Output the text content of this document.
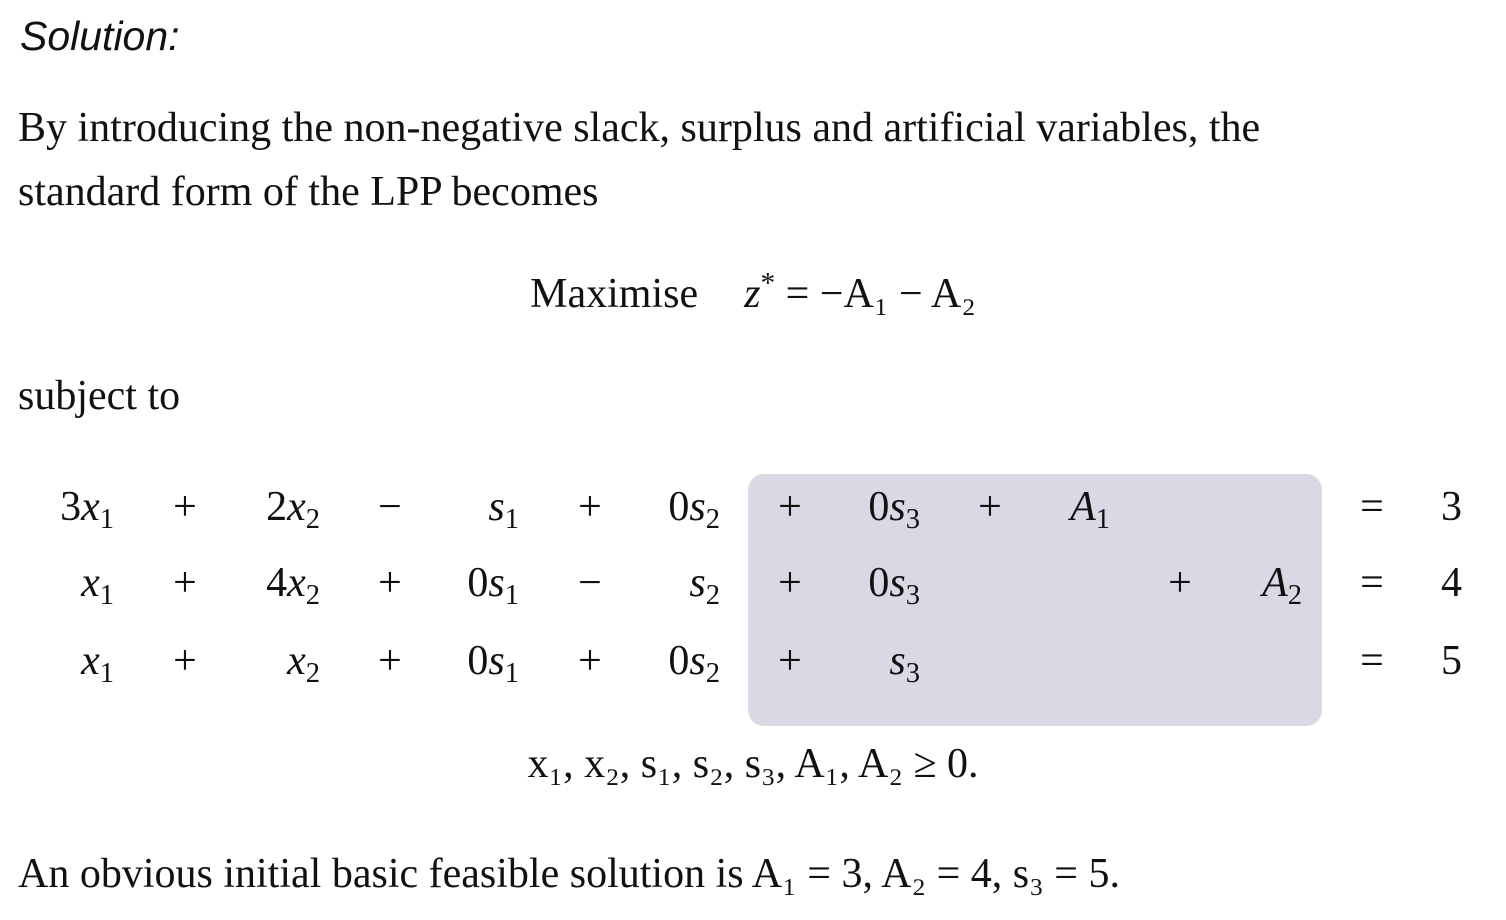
Solution:
By introducing the non-negative slack, surplus and artificial variables, the
standard form of the LPP becomes
Maximise z* = −A₁ − A₂
subject to
$3x_1$	+	$2x_2$	−	$s_1$	+	$0s_2$	+	$0s_3$	+	$A_1$	=	3
$x_1$	+	$4x_2$	+	$0s_1$	−	$s_2$	+	$0s_3$	+	$A_2$	=	4
$x_1$	+	$x_2$	+	$0s_1$	+	$0s_2$	+	$s_3$	=	5
x₁, x₂, s₁, s₂, s₃, A₁, A₂ ≥ 0.
An obvious initial basic feasible solution is A₁ = 3, A₂ = 4, s₃ = 5.
